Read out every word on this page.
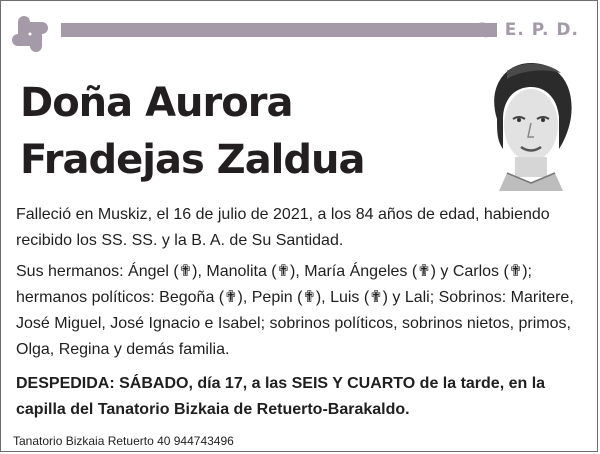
Q. E. P. D.
Doña Aurora
Fradejas Zaldua
Falleció en Muskiz, el 16 de julio de 2021, a los 84 años de edad, habiendo recibido los SS. SS. y la B. A. de Su Santidad.
Sus hermanos: Ángel (✟), Manolita (✟), María Ángeles (✟) y Carlos (✟); hermanos políticos: Begoña (✟), Pepin (✟), Luis (✟) y Lali; Sobrinos: Maritere, José Miguel, José Ignacio e Isabel; sobrinos políticos, sobrinos nietos, primos, Olga, Regina y demás familia.
DESPEDIDA: SÁBADO, día 17, a las SEIS Y CUARTO de la tarde, en la capilla del Tanatorio Bizkaia de Retuerto-Barakaldo.
Tanatorio Bizkaia Retuerto 40 944743496
